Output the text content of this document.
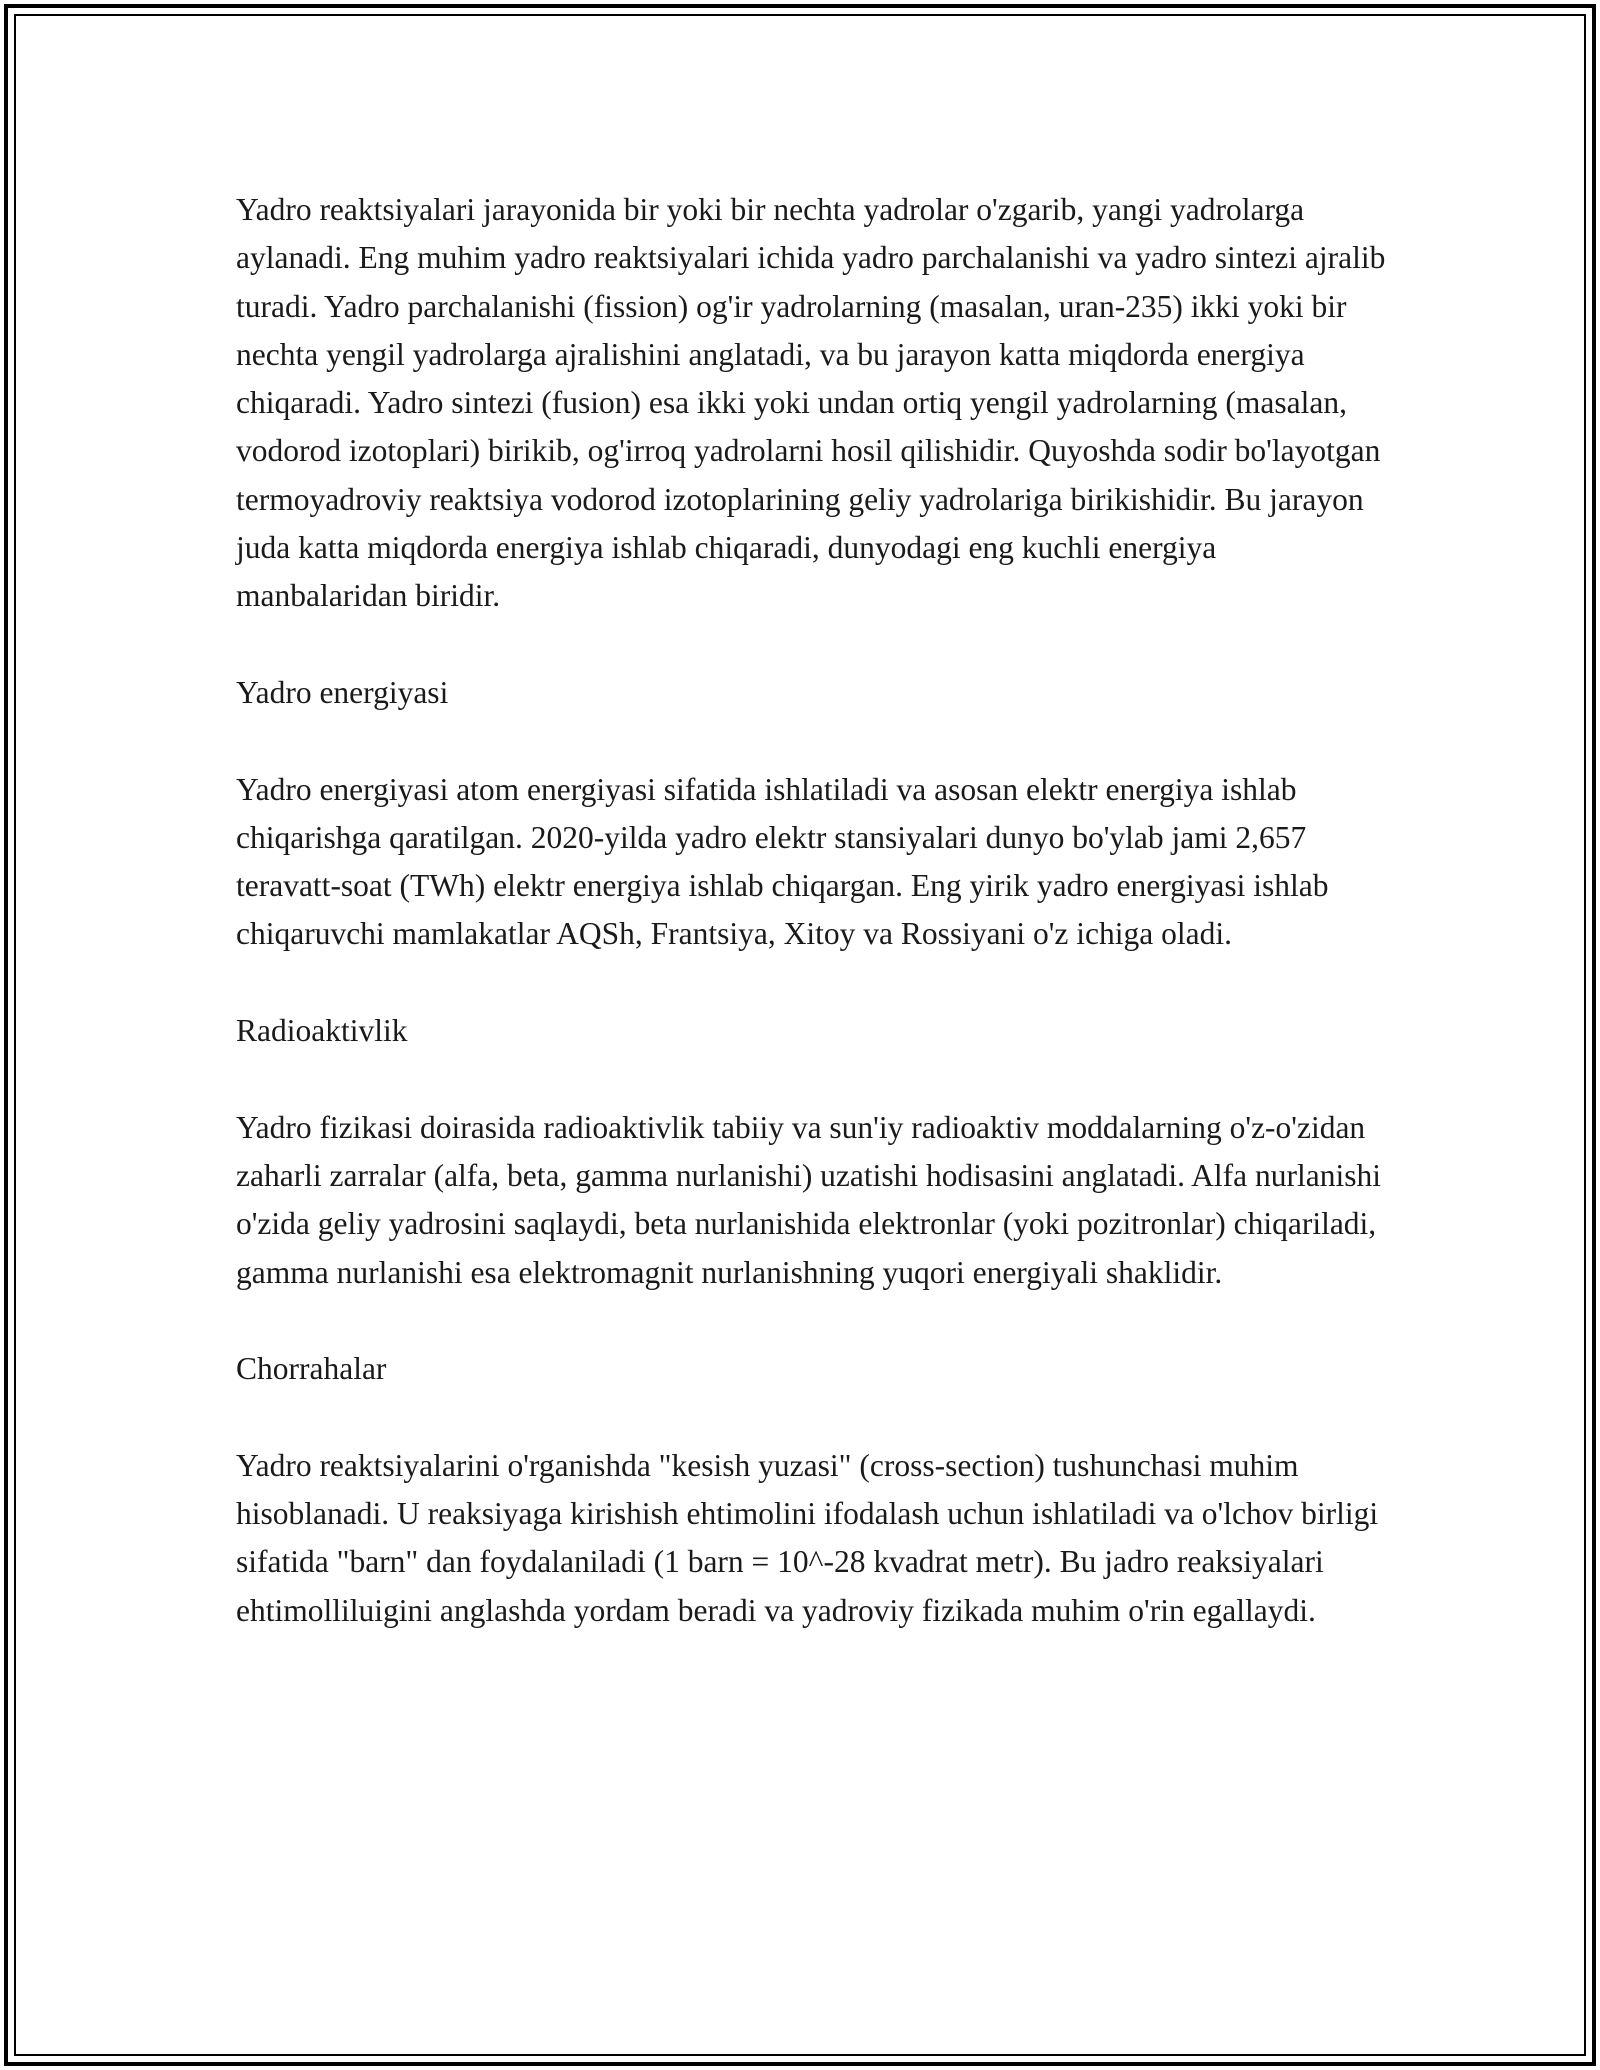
Yadro reaktsiyalari jarayonida bir yoki bir nechta yadrolar o'zgarib, yangi yadrolarga aylanadi. Eng muhim yadro reaktsiyalari ichida yadro parchalanishi va yadro sintezi ajralib turadi. Yadro parchalanishi (fission) og'ir yadrolarning (masalan, uran-235) ikki yoki bir nechta yengil yadrolarga ajralishini anglatadi, va bu jarayon katta miqdorda energiya chiqaradi. Yadro sintezi (fusion) esa ikki yoki undan ortiq yengil yadrolarning (masalan, vodorod izotoplari) birikib, og'irroq yadrolarni hosil qilishidir. Quyoshda sodir bo'layotgan termoyadroviy reaktsiya vodorod izotoplarining geliy yadrolariga birikishidir. Bu jarayon juda katta miqdorda energiya ishlab chiqaradi, dunyodagi eng kuchli energiya manbalaridan biridir.

Yadro energiyasi

Yadro energiyasi atom energiyasi sifatida ishlatiladi va asosan elektr energiya ishlab chiqarishga qaratilgan. 2020-yilda yadro elektr stansiyalari dunyo bo'ylab jami 2,657 teravatt-soat (TWh) elektr energiya ishlab chiqargan. Eng yirik yadro energiyasi ishlab chiqaruvchi mamlakatlar AQSh, Frantsiya, Xitoy va Rossiyani o'z ichiga oladi.

Radioaktivlik

Yadro fizikasi doirasida radioaktivlik tabiiy va sun'iy radioaktiv moddalarning o'z-o'zidan zaharli zarralar (alfa, beta, gamma nurlanishi) uzatishi hodisasini anglatadi. Alfa nurlanishi o'zida geliy yadrosini saqlaydi, beta nurlanishida elektronlar (yoki pozitronlar) chiqariladi, gamma nurlanishi esa elektromagnit nurlanishning yuqori energiyali shaklidir.

Chorrahalar

Yadro reaktsiyalarini o'rganishda "kesish yuzasi" (cross-section) tushunchasi muhim hisoblanadi. U reaksiyaga kirishish ehtimolini ifodalash uchun ishlatiladi va o'lchov birligi sifatida "barn" dan foydalaniladi (1 barn = 10^-28 kvadrat metr). Bu jadro reaksiyalari ehtimolliluigini anglashda yordam beradi va yadroviy fizikada muhim o'rin egallaydi.
